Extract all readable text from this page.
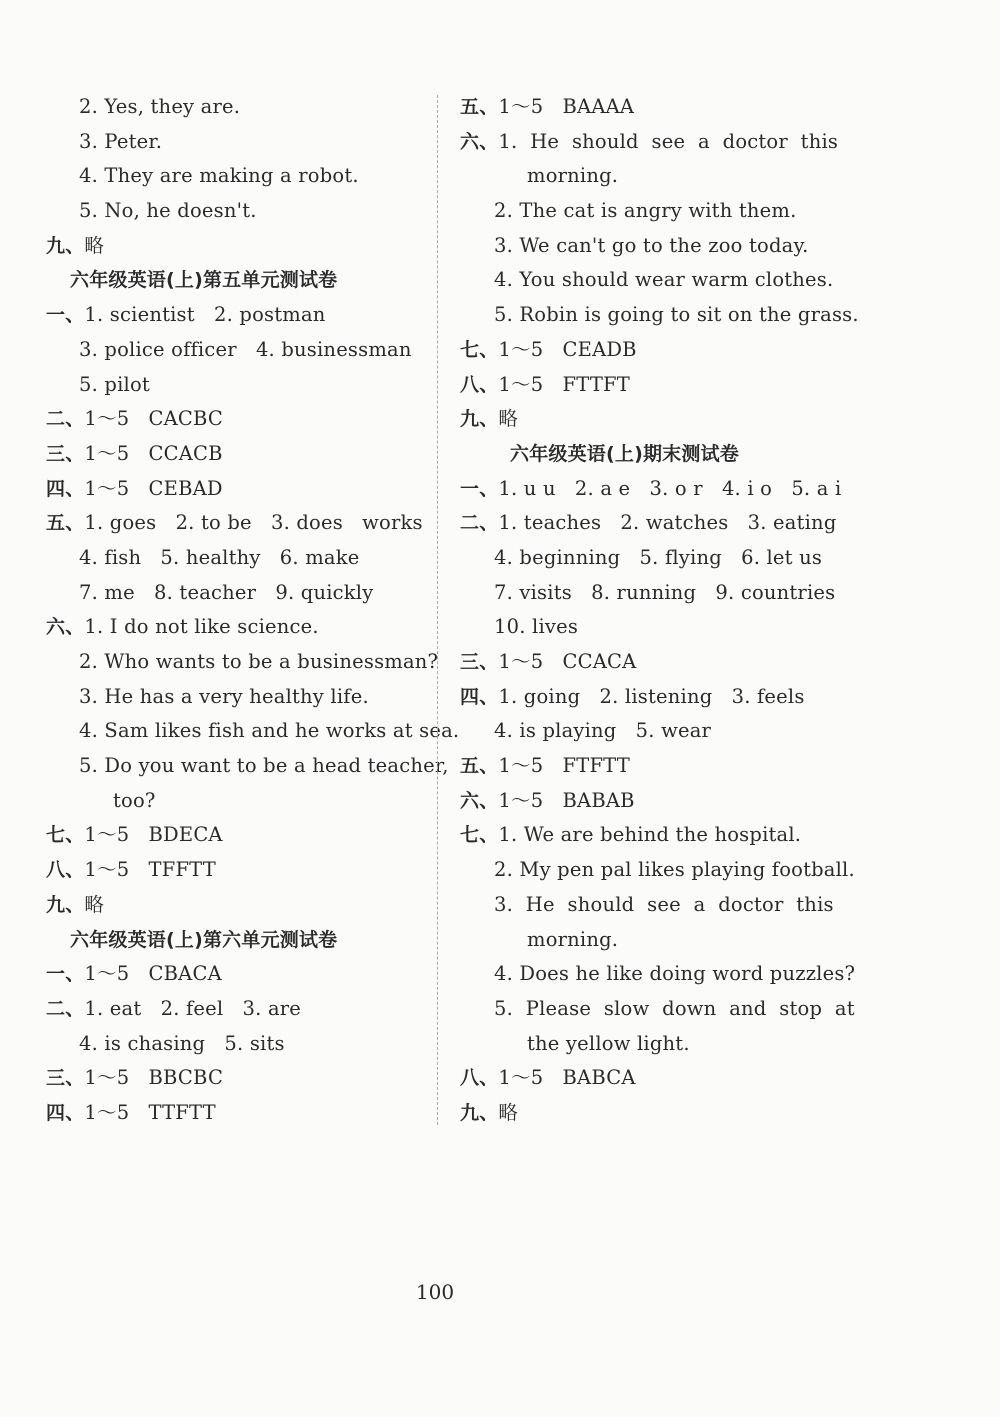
2. Yes, they are.
3. Peter.
4. They are making a robot.
5. No, he doesn't.
九、略
六年级英语(上)第五单元测试卷
一、1. scientist   2. postman
3. police officer   4. businessman
5. pilot
二、1～5   CACBC
三、1～5   CCACB
四、1～5   CEBAD
五、1. goes   2. to be   3. does   works
4. fish   5. healthy   6. make
7. me   8. teacher   9. quickly
六、1. I do not like science.
2. Who wants to be a businessman?
3. He has a very healthy life.
4. Sam likes fish and he works at sea.
5. Do you want to be a head teacher,
too?
七、1～5   BDECA
八、1～5   TFFTT
九、略
六年级英语(上)第六单元测试卷
一、1～5   CBACA
二、1. eat   2. feel   3. are
4. is chasing   5. sits
三、1～5   BBCBC
四、1～5   TTFTT
五、1～5   BAAAA
六、1.  He  should  see  a  doctor  this
morning.
2. The cat is angry with them.
3. We can't go to the zoo today.
4. You should wear warm clothes.
5. Robin is going to sit on the grass.
七、1～5   CEADB
八、1～5   FTTFT
九、略
六年级英语(上)期末测试卷
一、1. u u   2. a e   3. o r   4. i o   5. a i
二、1. teaches   2. watches   3. eating
4. beginning   5. flying   6. let us
7. visits   8. running   9. countries
10. lives
三、1～5   CCACA
四、1. going   2. listening   3. feels
4. is playing   5. wear
五、1～5   FTFTT
六、1～5   BABAB
七、1. We are behind the hospital.
2. My pen pal likes playing football.
3.  He  should  see  a  doctor  this
morning.
4. Does he like doing word puzzles?
5.  Please  slow  down  and  stop  at
the yellow light.
八、1～5   BABCA
九、略
100
